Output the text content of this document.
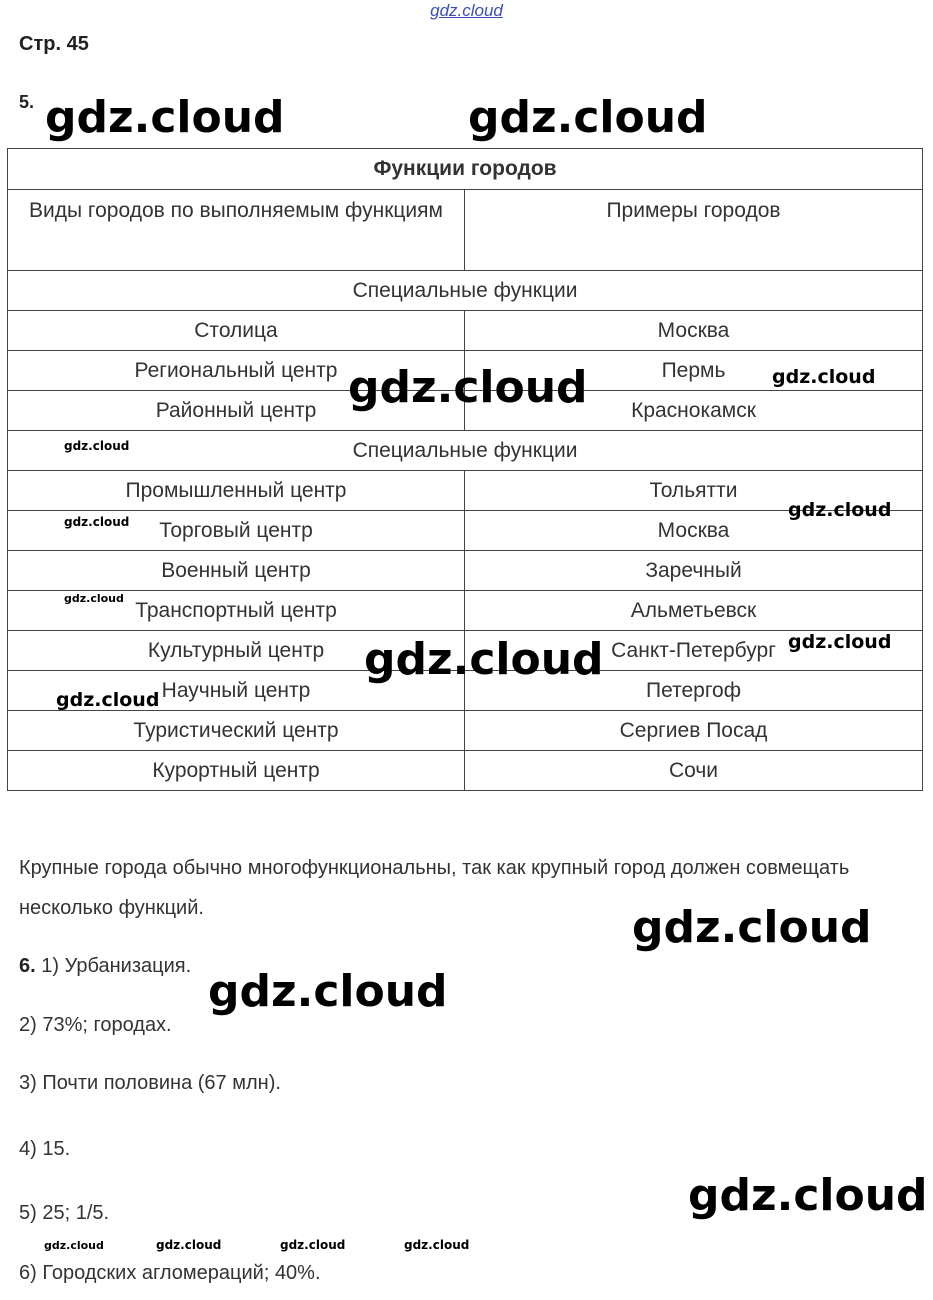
gdz.cloud
Стр. 45
5.
Функции городов	
Виды городов по выполняемым функциям	Примеры городов
Специальные функции	
Столица	Москва
Региональный центр	Пермь
Районный центр	Краснокамск
Специальные функции	
Промышленный центр	Тольятти
Торговый центр	Москва
Военный центр	Заречный
Транспортный центр	Альметьевск
Культурный центр	Санкт-Петербург
Научный центр	Петергоф
Туристический центр	Сергиев Посад
Курортный центр	Сочи
Крупные города обычно многофункциональны, так как крупный город должен совмещать несколько функций.
6. 1) Урбанизация.
2) 73%; городах.
3) Почти половина (67 млн).
4) 15.
5) 25; 1/5.
6) Городских агломераций; 40%.
gdz.cloud	gdz.cloud
gdz.cloud	gdz.cloud
gdz.cloud
gdz.cloud
gdz.cloud
gdz.cloud
gdz.cloud
gdz.cloud
gdz.cloud
gdz.cloud
gdz.cloud
gdz.cloud
gdz.cloud	gdz.cloud	gdz.cloud	gdz.cloud
